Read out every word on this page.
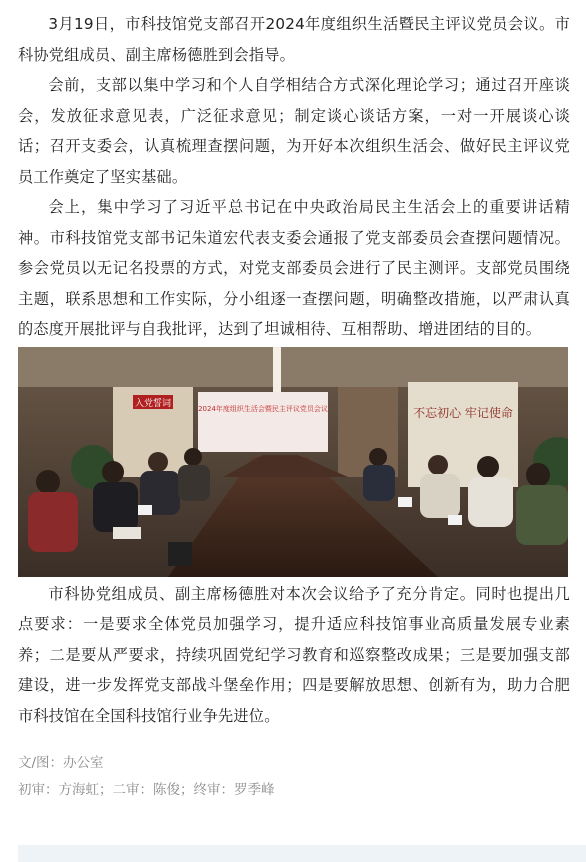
3月19日，市科技馆党支部召开2024年度组织生活暨民主评议党员会议。市科协党组成员、副主席杨德胜到会指导。

会前，支部以集中学习和个人自学相结合方式深化理论学习；通过召开座谈会，发放征求意见表，广泛征求意见；制定谈心谈话方案，一对一开展谈心谈话；召开支委会，认真梳理查摆问题，为开好本次组织生活会、做好民主评议党员工作奠定了坚实基础。

会上，集中学习了习近平总书记在中央政治局民主生活会上的重要讲话精神。市科技馆党支部书记朱道宏代表支委会通报了党支部委员会查摆问题情况。参会党员以无记名投票的方式，对党支部委员会进行了民主测评。支部党员围绕主题，联系思想和工作实际，分小组逐一查摆问题，明确整改措施，以严肃认真的态度开展批评与自我批评，达到了坦诚相待、互相帮助、增进团结的目的。

入党誓词	2024年度组织生活会暨民主评议党员会议	不忘初心 牢记使命

市科协党组成员、副主席杨德胜对本次会议给予了充分肯定。同时也提出几点要求：一是要求全体党员加强学习，提升适应科技馆事业高质量发展专业素养；二是要从严要求，持续巩固党纪学习教育和巡察整改成果；三是要加强支部建设，进一步发挥党支部战斗堡垒作用；四是要解放思想、创新有为，助力合肥市科技馆在全国科技馆行业争先进位。

文/图：办公室
初审：方海虹；二审：陈俊；终审：罗季峰
